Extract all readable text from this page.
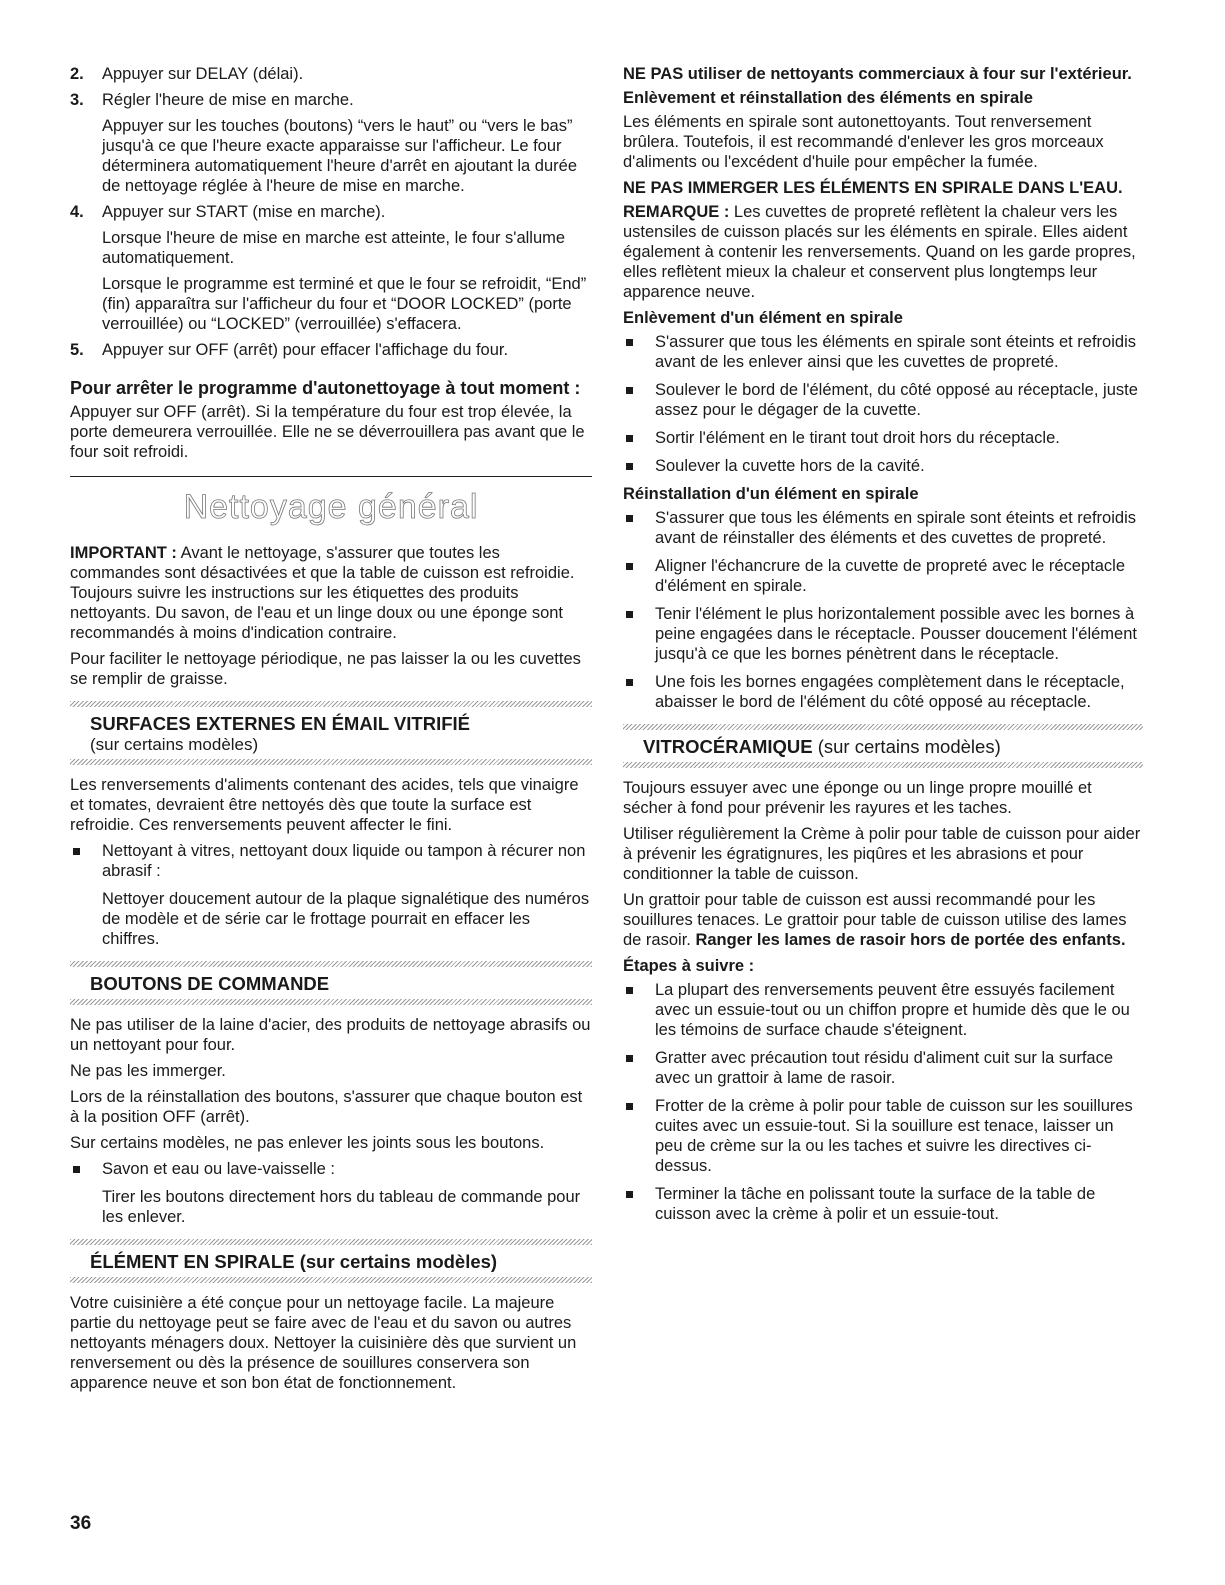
2. Appuyer sur DELAY (délai).

3. Régler l'heure de mise en marche.

Appuyer sur les touches (boutons) “vers le haut” ou “vers le bas” jusqu'à ce que l'heure exacte apparaisse sur l'afficheur. Le four déterminera automatiquement l'heure d'arrêt en ajoutant la durée de nettoyage réglée à l'heure de mise en marche.

4. Appuyer sur START (mise en marche).

Lorsque l'heure de mise en marche est atteinte, le four s'allume automatiquement.

Lorsque le programme est terminé et que le four se refroidit, “End” (fin) apparaîtra sur l'afficheur du four et “DOOR LOCKED” (porte verrouillée) ou “LOCKED” (verrouillée) s'effacera.

5. Appuyer sur OFF (arrêt) pour effacer l'affichage du four.

Pour arrêter le programme d'autonettoyage à tout moment :

Appuyer sur OFF (arrêt). Si la température du four est trop élevée, la porte demeurera verrouillée. Elle ne se déverrouillera pas avant que le four soit refroidi.

Nettoyage général

IMPORTANT : Avant le nettoyage, s'assurer que toutes les commandes sont désactivées et que la table de cuisson est refroidie. Toujours suivre les instructions sur les étiquettes des produits nettoyants. Du savon, de l'eau et un linge doux ou une éponge sont recommandés à moins d'indication contraire.

Pour faciliter le nettoyage périodique, ne pas laisser la ou les cuvettes se remplir de graisse.

SURFACES EXTERNES EN ÉMAIL VITRIFIÉ
(sur certains modèles)

Les renversements d'aliments contenant des acides, tels que vinaigre et tomates, devraient être nettoyés dès que toute la surface est refroidie. Ces renversements peuvent affecter le fini.

Nettoyant à vitres, nettoyant doux liquide ou tampon à récurer non abrasif :

Nettoyer doucement autour de la plaque signalétique des numéros de modèle et de série car le frottage pourrait en effacer les chiffres.

BOUTONS DE COMMANDE

Ne pas utiliser de la laine d'acier, des produits de nettoyage abrasifs ou un nettoyant pour four.

Ne pas les immerger.

Lors de la réinstallation des boutons, s'assurer que chaque bouton est à la position OFF (arrêt).

Sur certains modèles, ne pas enlever les joints sous les boutons.

Savon et eau ou lave-vaisselle :

Tirer les boutons directement hors du tableau de commande pour les enlever.

ÉLÉMENT EN SPIRALE (sur certains modèles)

Votre cuisinière a été conçue pour un nettoyage facile. La majeure partie du nettoyage peut se faire avec de l'eau et du savon ou autres nettoyants ménagers doux. Nettoyer la cuisinière dès que survient un renversement ou dès la présence de souillures conservera son apparence neuve et son bon état de fonctionnement.

NE PAS utiliser de nettoyants commerciaux à four sur l'extérieur.
Enlèvement et réinstallation des éléments en spirale

Les éléments en spirale sont autonettoyants. Tout renversement brûlera. Toutefois, il est recommandé d'enlever les gros morceaux d'aliments ou l'excédent d'huile pour empêcher la fumée.

NE PAS IMMERGER LES ÉLÉMENTS EN SPIRALE DANS L'EAU.

REMARQUE : Les cuvettes de propreté reflètent la chaleur vers les ustensiles de cuisson placés sur les éléments en spirale. Elles aident également à contenir les renversements. Quand on les garde propres, elles reflètent mieux la chaleur et conservent plus longtemps leur apparence neuve.

Enlèvement d'un élément en spirale
S'assurer que tous les éléments en spirale sont éteints et refroidis avant de les enlever ainsi que les cuvettes de propreté.
Soulever le bord de l'élément, du côté opposé au réceptacle, juste assez pour le dégager de la cuvette.
Sortir l'élément en le tirant tout droit hors du réceptacle.
Soulever la cuvette hors de la cavité.
Réinstallation d'un élément en spirale
S'assurer que tous les éléments en spirale sont éteints et refroidis avant de réinstaller des éléments et des cuvettes de propreté.
Aligner l'échancrure de la cuvette de propreté avec le réceptacle d'élément en spirale.
Tenir l'élément le plus horizontalement possible avec les bornes à peine engagées dans le réceptacle. Pousser doucement l'élément jusqu'à ce que les bornes pénètrent dans le réceptacle.
Une fois les bornes engagées complètement dans le réceptacle, abaisser le bord de l'élément du côté opposé au réceptacle.
VITROCÉRAMIQUE (sur certains modèles)

Toujours essuyer avec une éponge ou un linge propre mouillé et sécher à fond pour prévenir les rayures et les taches.

Utiliser régulièrement la Crème à polir pour table de cuisson pour aider à prévenir les égratignures, les piqûres et les abrasions et pour conditionner la table de cuisson.

Un grattoir pour table de cuisson est aussi recommandé pour les souillures tenaces. Le grattoir pour table de cuisson utilise des lames de rasoir. Ranger les lames de rasoir hors de portée des enfants.

Étapes à suivre :
La plupart des renversements peuvent être essuyés facilement avec un essuie-tout ou un chiffon propre et humide dès que le ou les témoins de surface chaude s'éteignent.
Gratter avec précaution tout résidu d'aliment cuit sur la surface avec un grattoir à lame de rasoir.
Frotter de la crème à polir pour table de cuisson sur les souillures cuites avec un essuie-tout. Si la souillure est tenace, laisser un peu de crème sur la ou les taches et suivre les directives ci-dessus.
Terminer la tâche en polissant toute la surface de la table de cuisson avec la crème à polir et un essuie-tout.
36
